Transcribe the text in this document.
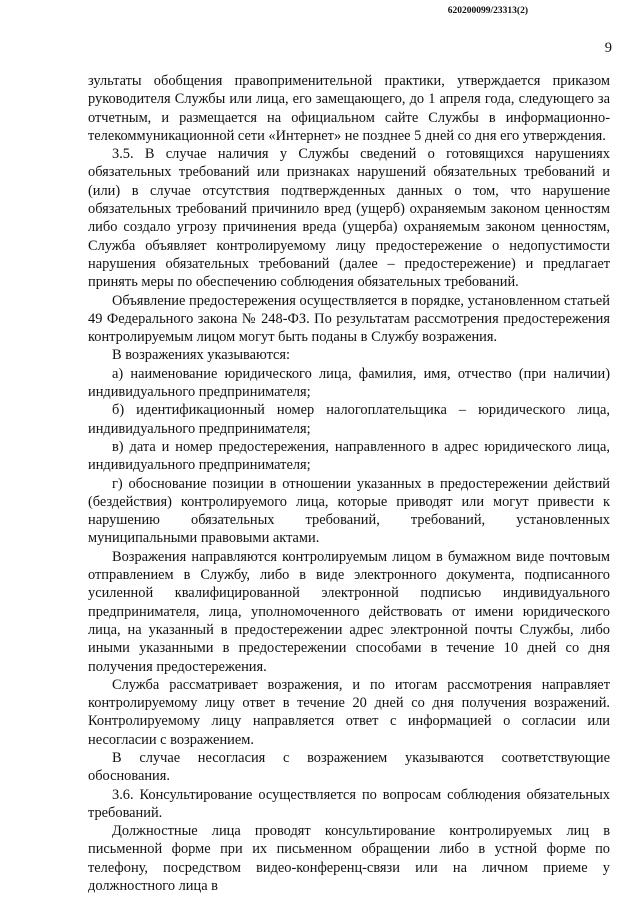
620200099/23313(2)
9

зультаты обобщения правоприменительной практики, утверждается приказом руководителя Службы или лица, его замещающего, до 1 апреля года, следующего за отчетным, и размещается на официальном сайте Службы в информационно-телекоммуникационной сети «Интернет» не позднее 5 дней со дня его утверждения.

3.5. В случае наличия у Службы сведений о готовящихся нарушениях обязательных требований или признаках нарушений обязательных требований и (или) в случае отсутствия подтвержденных данных о том, что нарушение обязательных требований причинило вред (ущерб) охраняемым законом ценностям либо создало угрозу причинения вреда (ущерба) охраняемым законом ценностям, Служба объявляет контролируемому лицу предостережение о недопустимости нарушения обязательных требований (далее – предостережение) и предлагает принять меры по обеспечению соблюдения обязательных требований.

Объявление предостережения осуществляется в порядке, установленном статьей 49 Федерального закона № 248-ФЗ. По результатам рассмотрения предостережения контролируемым лицом могут быть поданы в Службу возражения.

В возражениях указываются:

а) наименование юридического лица, фамилия, имя, отчество (при наличии) индивидуального предпринимателя;

б) идентификационный номер налогоплательщика – юридического лица, индивидуального предпринимателя;

в) дата и номер предостережения, направленного в адрес юридического лица, индивидуального предпринимателя;

г) обоснование позиции в отношении указанных в предостережении действий (бездействия) контролируемого лица, которые приводят или могут привести к нарушению обязательных требований, требований, установленных муниципальными правовыми актами.

Возражения направляются контролируемым лицом в бумажном виде почтовым отправлением в Службу, либо в виде электронного документа, подписанного усиленной квалифицированной электронной подписью индивидуального предпринимателя, лица, уполномоченного действовать от имени юридического лица, на указанный в предостережении адрес электронной почты Службы, либо иными указанными в предостережении способами в течение 10 дней со дня получения предостережения.

Служба рассматривает возражения, и по итогам рассмотрения направляет контролируемому лицу ответ в течение 20 дней со дня получения возражений. Контролируемому лицу направляется ответ с информацией о согласии или несогласии с возражением.

В случае несогласия с возражением указываются соответствующие обоснования.

3.6. Консультирование осуществляется по вопросам соблюдения обязательных требований.

Должностные лица проводят консультирование контролируемых лиц в письменной форме при их письменном обращении либо в устной форме по телефону, посредством видео-конференц-связи или на личном приеме у должностного лица в
